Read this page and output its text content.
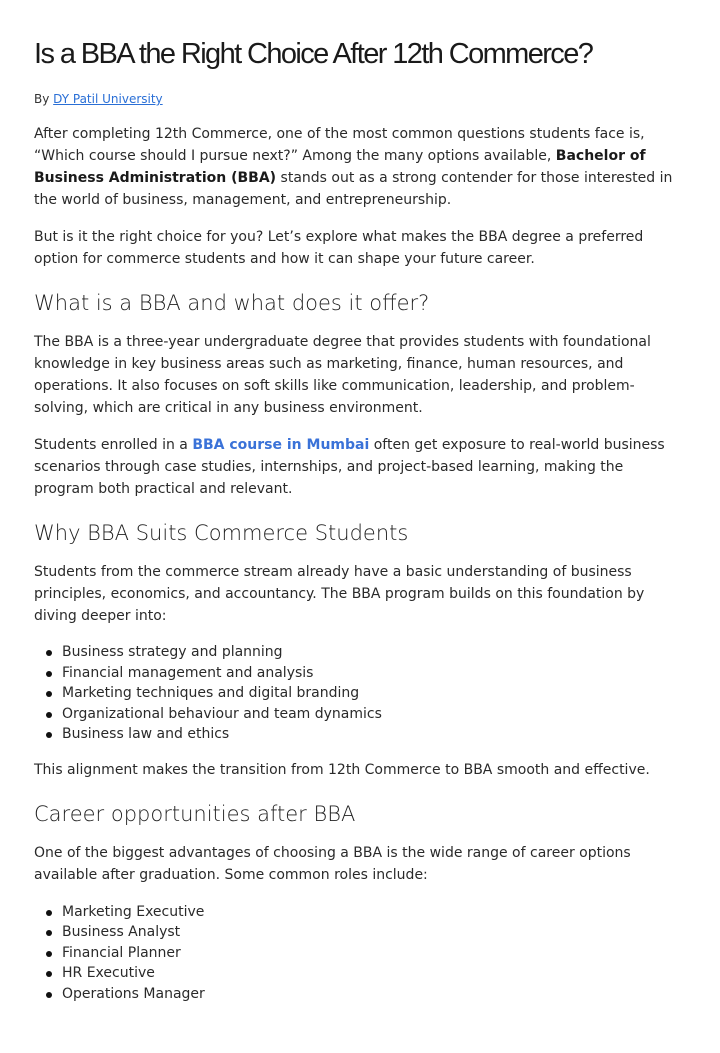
Is a BBA the Right Choice After 12th Commerce?
By DY Patil University

After completing 12th Commerce, one of the most common questions students face is, “Which course should I pursue next?” Among the many options available, Bachelor of Business Administration (BBA) stands out as a strong contender for those interested in the world of business, management, and entrepreneurship.

But is it the right choice for you? Let’s explore what makes the BBA degree a preferred option for commerce students and how it can shape your future career.

What is a BBA and what does it offer?

The BBA is a three-year undergraduate degree that provides students with foundational knowledge in key business areas such as marketing, finance, human resources, and operations. It also focuses on soft skills like communication, leadership, and problem-solving, which are critical in any business environment.

Students enrolled in a BBA course in Mumbai often get exposure to real-world business scenarios through case studies, internships, and project-based learning, making the program both practical and relevant.

Why BBA Suits Commerce Students

Students from the commerce stream already have a basic understanding of business principles, economics, and accountancy. The BBA program builds on this foundation by diving deeper into:

Business strategy and planning
Financial management and analysis
Marketing techniques and digital branding
Organizational behaviour and team dynamics
Business law and ethics

This alignment makes the transition from 12th Commerce to BBA smooth and effective.

Career opportunities after BBA

One of the biggest advantages of choosing a BBA is the wide range of career options available after graduation. Some common roles include:

Marketing Executive
Business Analyst
Financial Planner
HR Executive
Operations Manager
